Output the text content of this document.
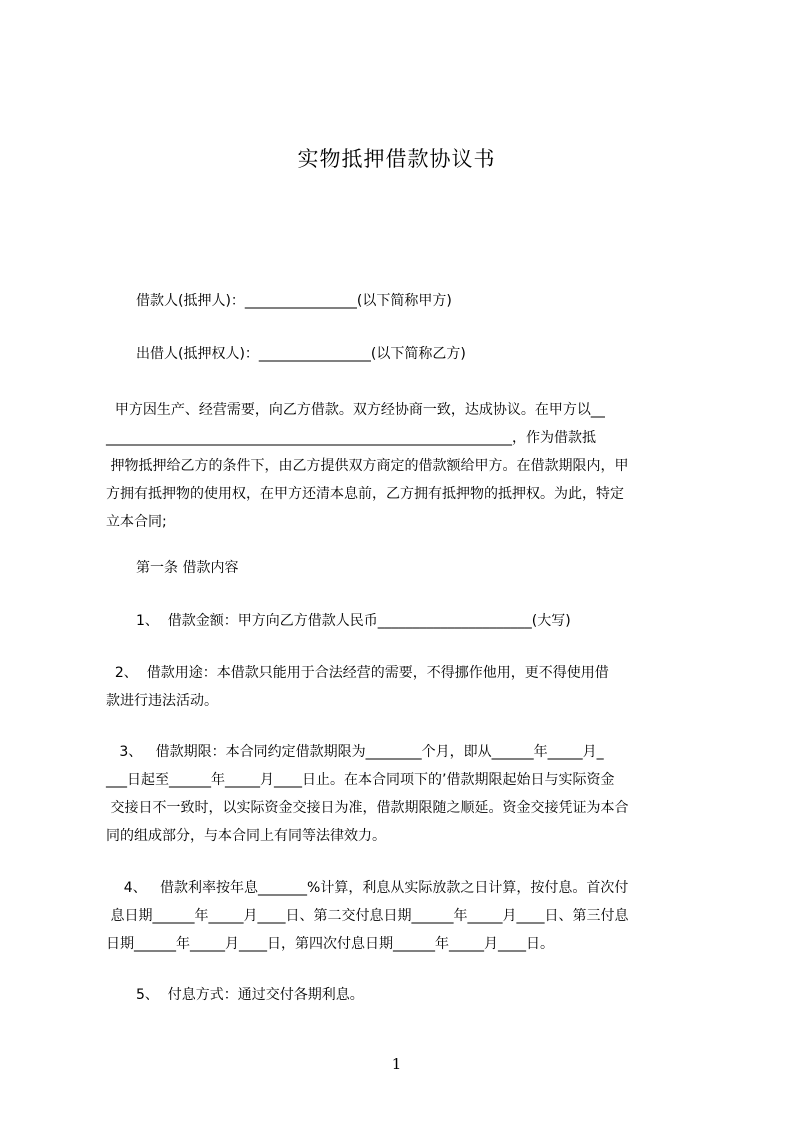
实物抵押借款协议书
借款人(抵押人)：________________(以下简称甲方)
出借人(抵押权人)：________________(以下简称乙方)
甲方因生产、经营需要，向乙方借款。双方经协商一致，达成协议。在甲方以__
__________________________________________________________，作为借款抵
押物抵押给乙方的条件下，由乙方提供双方商定的借款额给甲方。在借款期限内，甲
方拥有抵押物的使用权，在甲方还清本息前，乙方拥有抵押物的抵押权。为此，特定
立本合同;
第一条 借款内容
1、  借款金额：甲方向乙方借款人民币______________________(大写)
2、  借款用途：本借款只能用于合法经营的需要，不得挪作他用，更不得使用借
款进行违法活动。
3、   借款期限：本合同约定借款期限为________个月，即从______年_____月_
___日起至______年_____月____日止。在本合同项下的’借款期限起始日与实际资金
交接日不一致时，以实际资金交接日为准，借款期限随之顺延。资金交接凭证为本合
同的组成部分，与本合同上有同等法律效力。
4、   借款利率按年息_______%计算，利息从实际放款之日计算，按付息。首次付
息日期______年_____月____日、第二交付息日期______年_____月____日、第三付息
日期______年_____月____日，第四次付息日期______年_____月____日。
5、  付息方式：通过交付各期利息。
1
